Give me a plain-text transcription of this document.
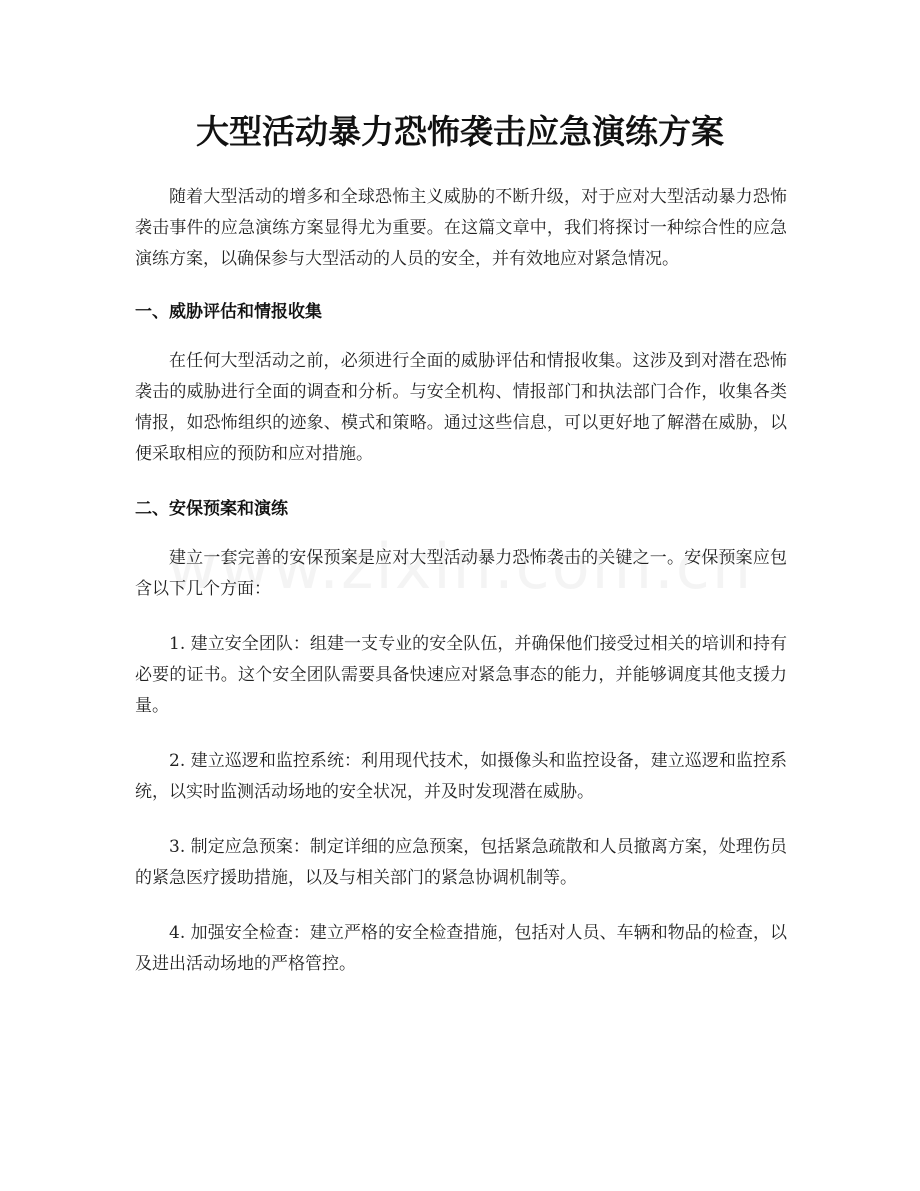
大型活动暴力恐怖袭击应急演练方案

随着大型活动的增多和全球恐怖主义威胁的不断升级，对于应对大型活动暴力恐怖袭击事件的应急演练方案显得尤为重要。在这篇文章中，我们将探讨一种综合性的应急演练方案，以确保参与大型活动的人员的安全，并有效地应对紧急情况。

一、威胁评估和情报收集

在任何大型活动之前，必须进行全面的威胁评估和情报收集。这涉及到对潜在恐怖袭击的威胁进行全面的调查和分析。与安全机构、情报部门和执法部门合作，收集各类情报，如恐怖组织的迹象、模式和策略。通过这些信息，可以更好地了解潜在威胁，以便采取相应的预防和应对措施。

二、安保预案和演练

建立一套完善的安保预案是应对大型活动暴力恐怖袭击的关键之一。安保预案应包含以下几个方面：

1. 建立安全团队：组建一支专业的安全队伍，并确保他们接受过相关的培训和持有必要的证书。这个安全团队需要具备快速应对紧急事态的能力，并能够调度其他支援力量。

2. 建立巡逻和监控系统：利用现代技术，如摄像头和监控设备，建立巡逻和监控系统，以实时监测活动场地的安全状况，并及时发现潜在威胁。

3. 制定应急预案：制定详细的应急预案，包括紧急疏散和人员撤离方案，处理伤员的紧急医疗援助措施，以及与相关部门的紧急协调机制等。

4. 加强安全检查：建立严格的安全检查措施，包括对人员、车辆和物品的检查，以及进出活动场地的严格管控。
